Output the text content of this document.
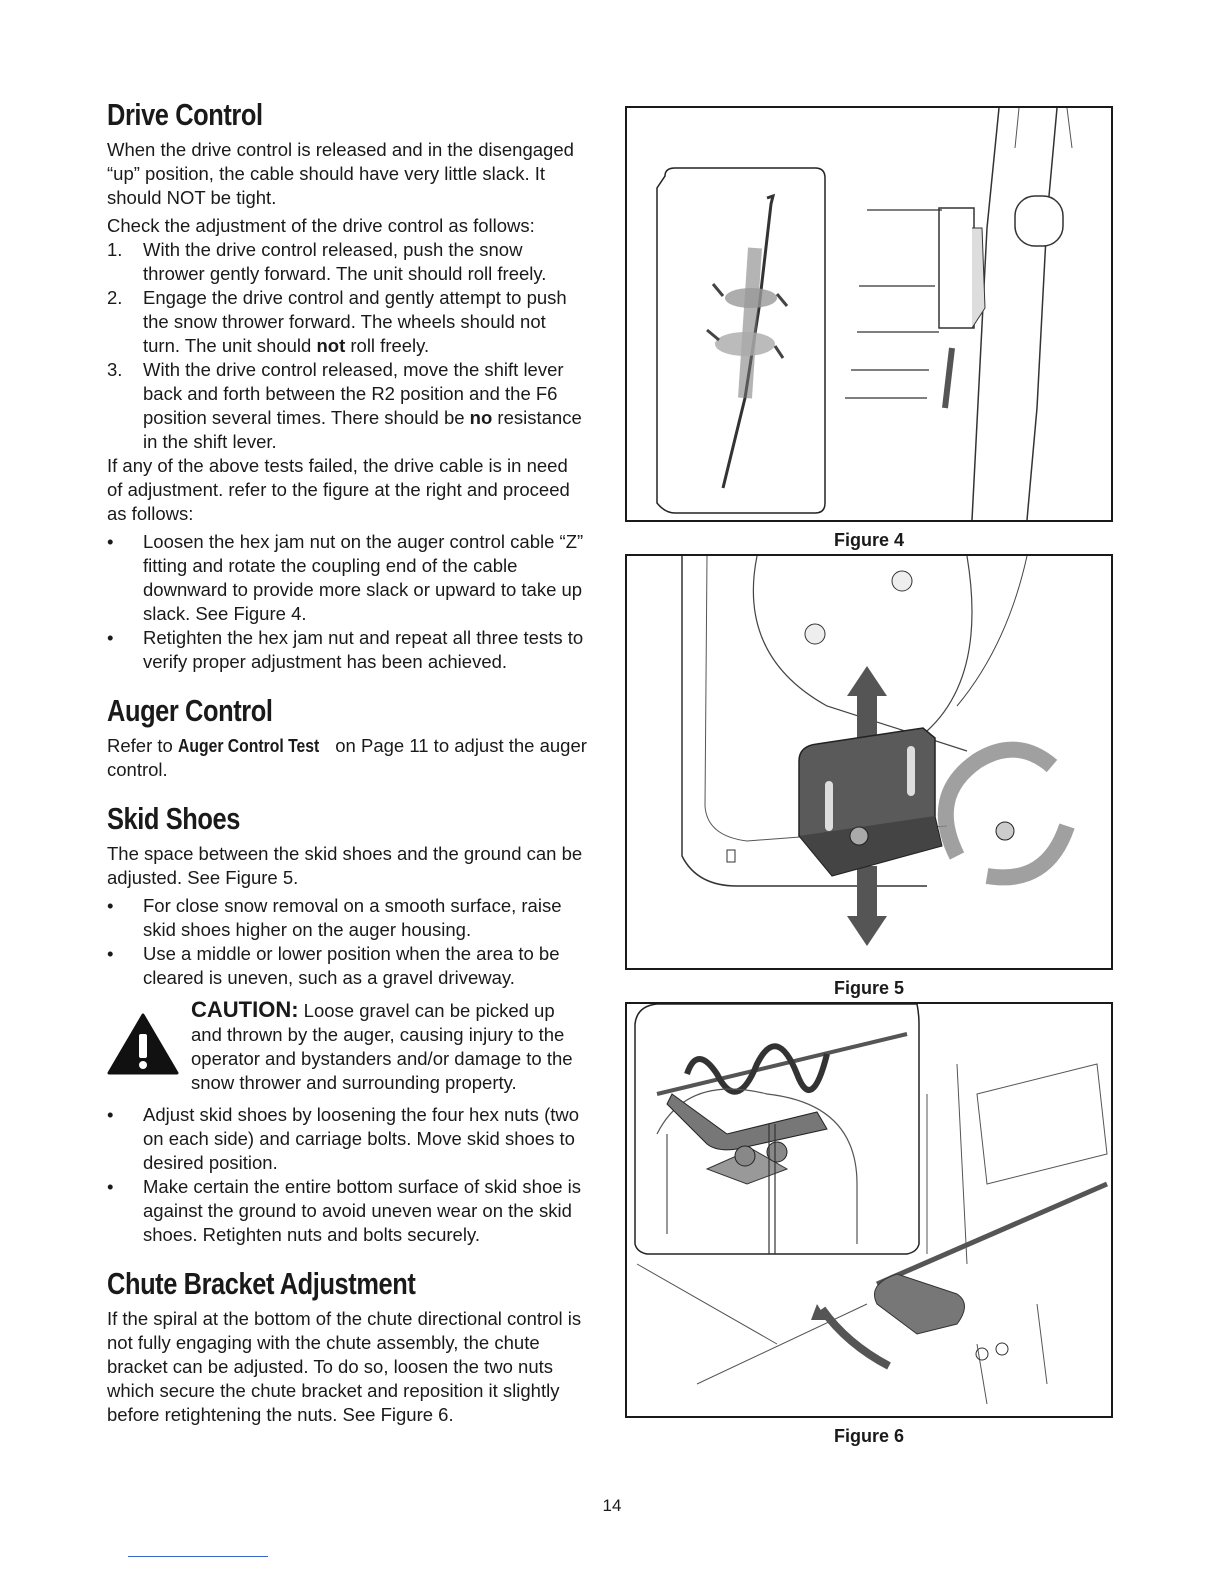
Drive Control

When the drive control is released and in the disengaged “up” position, the cable should have very little slack. It should NOT be tight.

Check the adjustment of the drive control as follows:

1. With the drive control released, push the snow thrower gently forward. The unit should roll freely.
2. Engage the drive control and gently attempt to push the snow thrower forward. The wheels should not turn. The unit should not roll freely.
3. With the drive control released, move the shift lever back and forth between the R2 position and the F6 position several times. There should be no resistance in the shift lever.

If any of the above tests failed, the drive cable is in need of adjustment. refer to the figure at the right and proceed as follows:

• Loosen the hex jam nut on the auger control cable “Z” fitting and rotate the coupling end of the cable downward to provide more slack or upward to take up slack. See Figure 4.
• Retighten the hex jam nut and repeat all three tests to verify proper adjustment has been achieved.
Auger Control

Refer to Auger Control Test on Page 11 to adjust the auger control.

Skid Shoes

The space between the skid shoes and the ground can be adjusted. See Figure 5.

• For close snow removal on a smooth surface, raise skid shoes higher on the auger housing.
• Use a middle or lower position when the area to be cleared is uneven, such as a gravel driveway.

CAUTION: Loose gravel can be picked up and thrown by the auger, causing injury to the operator and bystanders and/or damage to the snow thrower and surrounding property.

• Adjust skid shoes by loosening the four hex nuts (two on each side) and carriage bolts. Move skid shoes to desired position.
• Make certain the entire bottom surface of skid shoe is against the ground to avoid uneven wear on the skid shoes. Retighten nuts and bolts securely.
Chute Bracket Adjustment

If the spiral at the bottom of the chute directional control is not fully engaging with the chute assembly, the chute bracket can be adjusted. To do so, loosen the two nuts which secure the chute bracket and reposition it slightly before retightening the nuts. See Figure 6.

Figure 4
Figure 5
Figure 6
14
